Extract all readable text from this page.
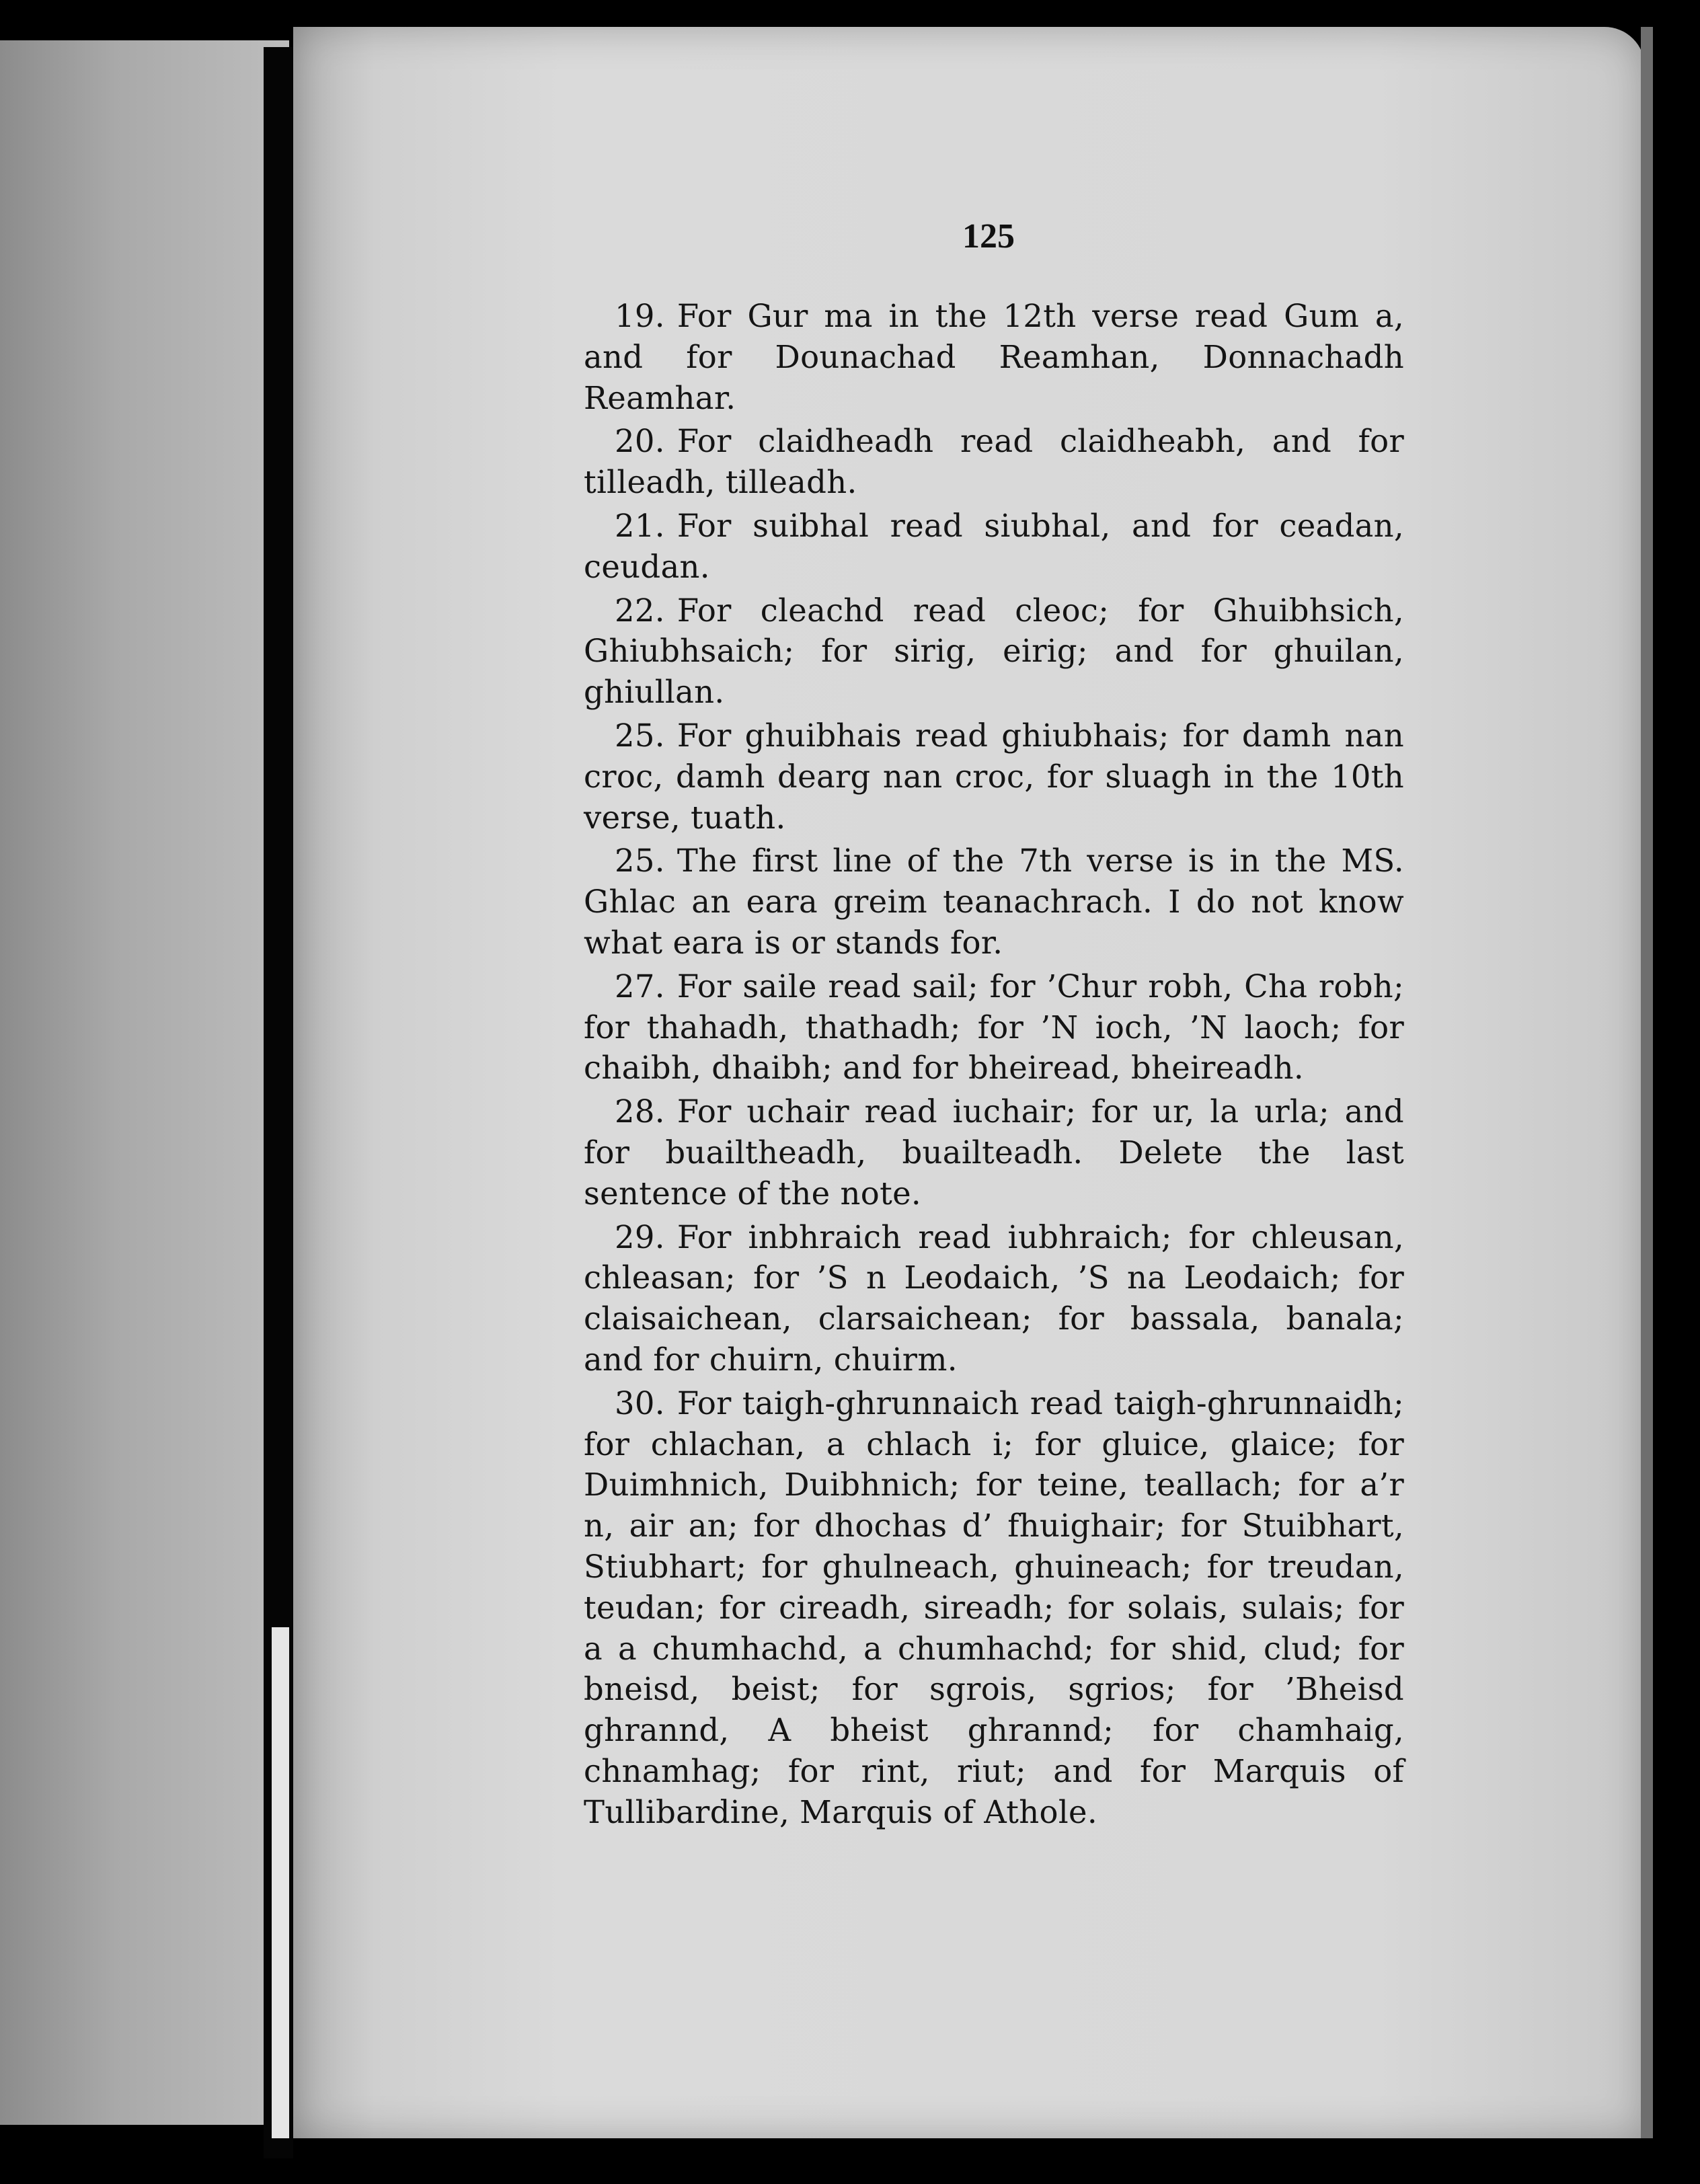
125

19. For Gur ma in the 12th verse read Gum a, and for Dounachad Reamhan, Donnachadh Reamhar.

20. For claidheadh read claidheabh, and for tilleadh, tilleadh.

21. For suibhal read siubhal, and for ceadan, ceudan.

22. For cleachd read cleoc; for Ghuibhsich, Ghiubhsaich; for sirig, eirig; and for ghuilan, ghiullan.

25. For ghuibhais read ghiubhais; for damh nan croc, damh dearg nan croc, for sluagh in the 10th verse, tuath.

25. The first line of the 7th verse is in the MS. Ghlac an eara greim teanachrach. I do not know what eara is or stands for.

27. For saile read sail; for ’Chur robh, Cha robh; for thahadh, thathadh; for ’N ioch, ’N laoch; for chaibh, dhaibh; and for bheiread, bheireadh.

28. For uchair read iuchair; for ur, la urla; and for buailtheadh, buailteadh. Delete the last sentence of the note.

29. For inbhraich read iubhraich; for chleusan, chleasan; for ’S n Leodaich, ’S na Leodaich; for claisaichean, clarsaichean; for bassala, banala; and for chuirn, chuirm.

30. For taigh-ghrunnaich read taigh-ghrunnaidh; for chlachan, a chlach i; for gluice, glaice; for Duimhnich, Duibhnich; for teine, teallach; for a’r n, air an; for dhochas d’ fhuighair; for Stuibhart, Stiubhart; for ghulneach, ghuineach; for treudan, teudan; for cireadh, sireadh; for solais, sulais; for a a chumhachd, a chumhachd; for shid, clud; for bneisd, beist; for sgrois, sgrios; for ’Bheisd ghrannd, A bheist ghrannd; for chamhaig, chnamhag; for rint, riut; and for Marquis of Tullibardine, Marquis of Athole.
